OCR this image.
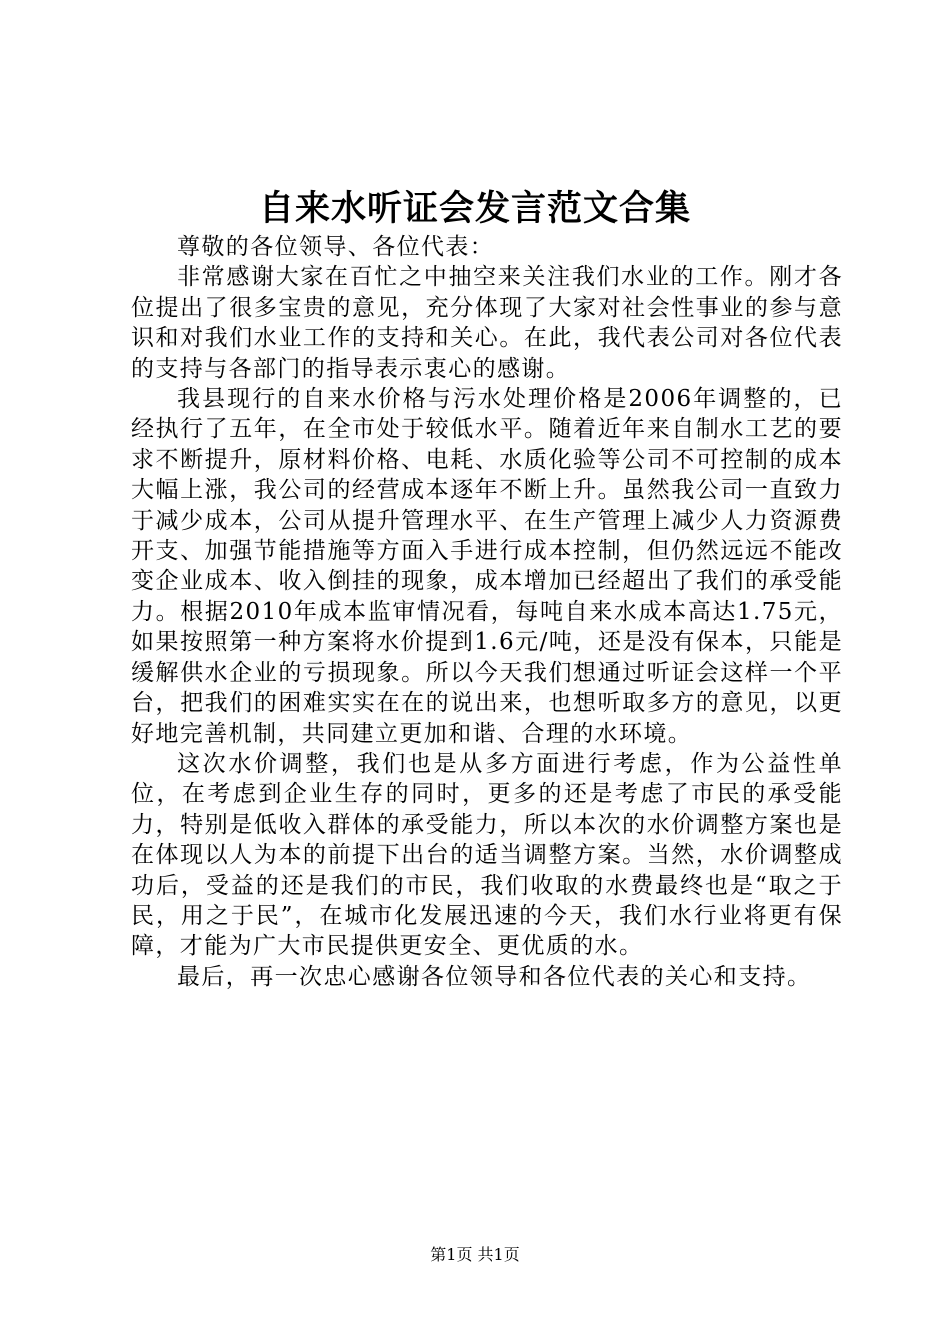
自来水听证会发言范文合集

尊敬的各位领导、各位代表：

非常感谢大家在百忙之中抽空来关注我们水业的工作。刚才各位提出了很多宝贵的意见，充分体现了大家对社会性事业的参与意识和对我们水业工作的支持和关心。在此，我代表公司对各位代表的支持与各部门的指导表示衷心的感谢。

我县现行的自来水价格与污水处理价格是2006年调整的，已经执行了五年，在全市处于较低水平。随着近年来自制水工艺的要求不断提升，原材料价格、电耗、水质化验等公司不可控制的成本大幅上涨，我公司的经营成本逐年不断上升。虽然我公司一直致力于减少成本，公司从提升管理水平、在生产管理上减少人力资源费开支、加强节能措施等方面入手进行成本控制，但仍然远远不能改变企业成本、收入倒挂的现象，成本增加已经超出了我们的承受能力。根据2010年成本监审情况看，每吨自来水成本高达1.75元，如果按照第一种方案将水价提到1.6元/吨，还是没有保本，只能是缓解供水企业的亏损现象。所以今天我们想通过听证会这样一个平台，把我们的困难实实在在的说出来，也想听取多方的意见，以更好地完善机制，共同建立更加和谐、合理的水环境。

这次水价调整，我们也是从多方面进行考虑，作为公益性单位，在考虑到企业生存的同时，更多的还是考虑了市民的承受能力，特别是低收入群体的承受能力，所以本次的水价调整方案也是在体现以人为本的前提下出台的适当调整方案。当然，水价调整成功后，受益的还是我们的市民，我们收取的水费最终也是“取之于民，用之于民”，在城市化发展迅速的今天，我们水行业将更有保障，才能为广大市民提供更安全、更优质的水。

最后，再一次忠心感谢各位领导和各位代表的关心和支持。

第1页 共1页
